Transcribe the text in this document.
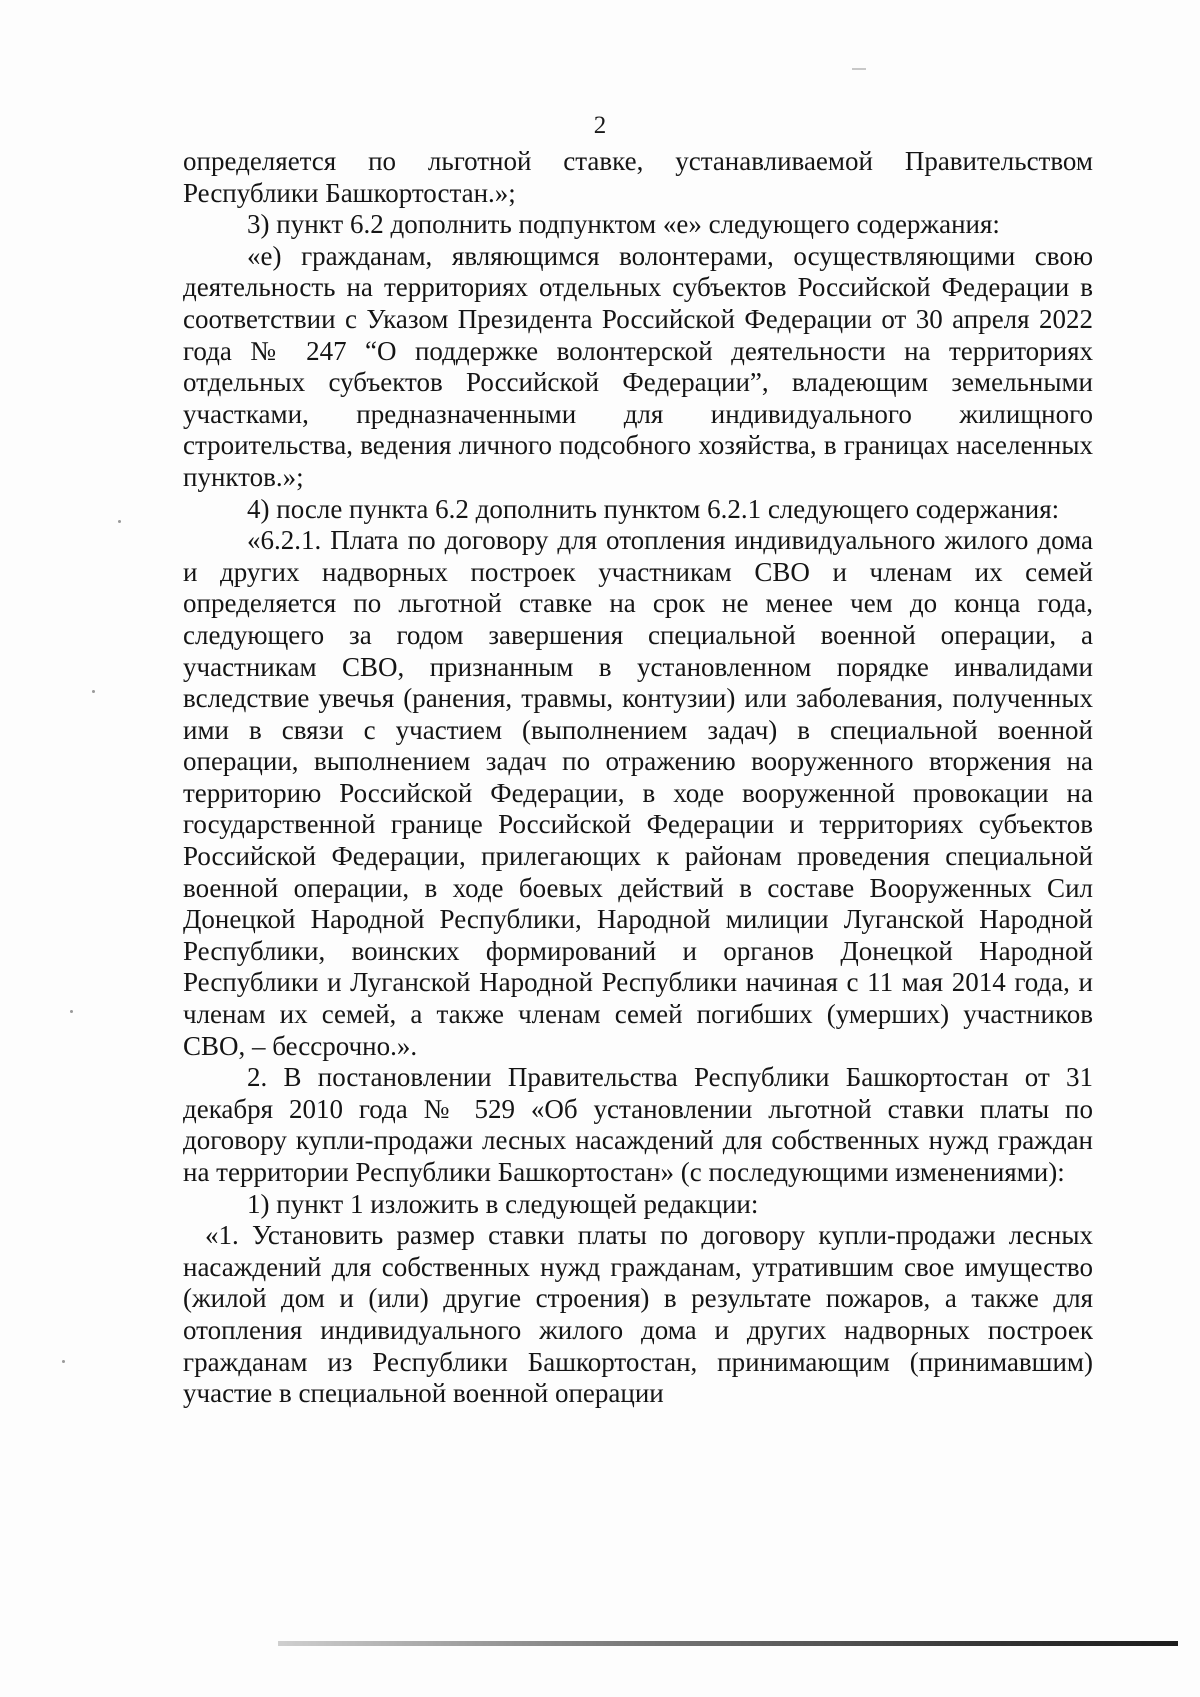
2

определяется по льготной ставке, устанавливаемой Правительством Республики Башкортостан.»;

3) пункт 6.2 дополнить подпунктом «е» следующего содержания:

«е) гражданам, являющимся волонтерами, осуществляющими свою деятельность на территориях отдельных субъектов Российской Федерации в соответствии с Указом Президента Российской Федерации от 30 апреля 2022 года № 247 “О поддержке волонтерской деятельности на территориях отдельных субъектов Российской Федерации”, владеющим земельными участками, предназначенными для индивидуального жилищного строительства, ведения личного подсобного хозяйства, в границах населенных пунктов.»;

4) после пункта 6.2 дополнить пунктом 6.2.1 следующего содержания:

«6.2.1. Плата по договору для отопления индивидуального жилого дома и других надворных построек участникам СВО и членам их семей определяется по льготной ставке на срок не менее чем до конца года, следующего за годом завершения специальной военной операции, а участникам СВО, признанным в установленном порядке инвалидами вследствие увечья (ранения, травмы, контузии) или заболевания, полученных ими в связи с участием (выполнением задач) в специальной военной операции, выполнением задач по отражению вооруженного вторжения на территорию Российской Федерации, в ходе вооруженной провокации на государственной границе Российской Федерации и территориях субъектов Российской Федерации, прилегающих к районам проведения специальной военной операции, в ходе боевых действий в составе Вооруженных Сил Донецкой Народной Республики, Народной милиции Луганской Народной Республики, воинских формирований и органов Донецкой Народной Республики и Луганской Народной Республики начиная с 11 мая 2014 года, и членам их семей, а также членам семей погибших (умерших) участников СВО, – бессрочно.».

2. В постановлении Правительства Республики Башкортостан от 31 декабря 2010 года № 529 «Об установлении льготной ставки платы по договору купли-продажи лесных насаждений для собственных нужд граждан на территории Республики Башкортостан» (с последующими изменениями):

1) пункт 1 изложить в следующей редакции:

«1. Установить размер ставки платы по договору купли-продажи лесных насаждений для собственных нужд гражданам, утратившим свое имущество (жилой дом и (или) другие строения) в результате пожаров, а также для отопления индивидуального жилого дома и других надворных построек гражданам из Республики Башкортостан, принимающим (принимавшим) участие в специальной военной операции
